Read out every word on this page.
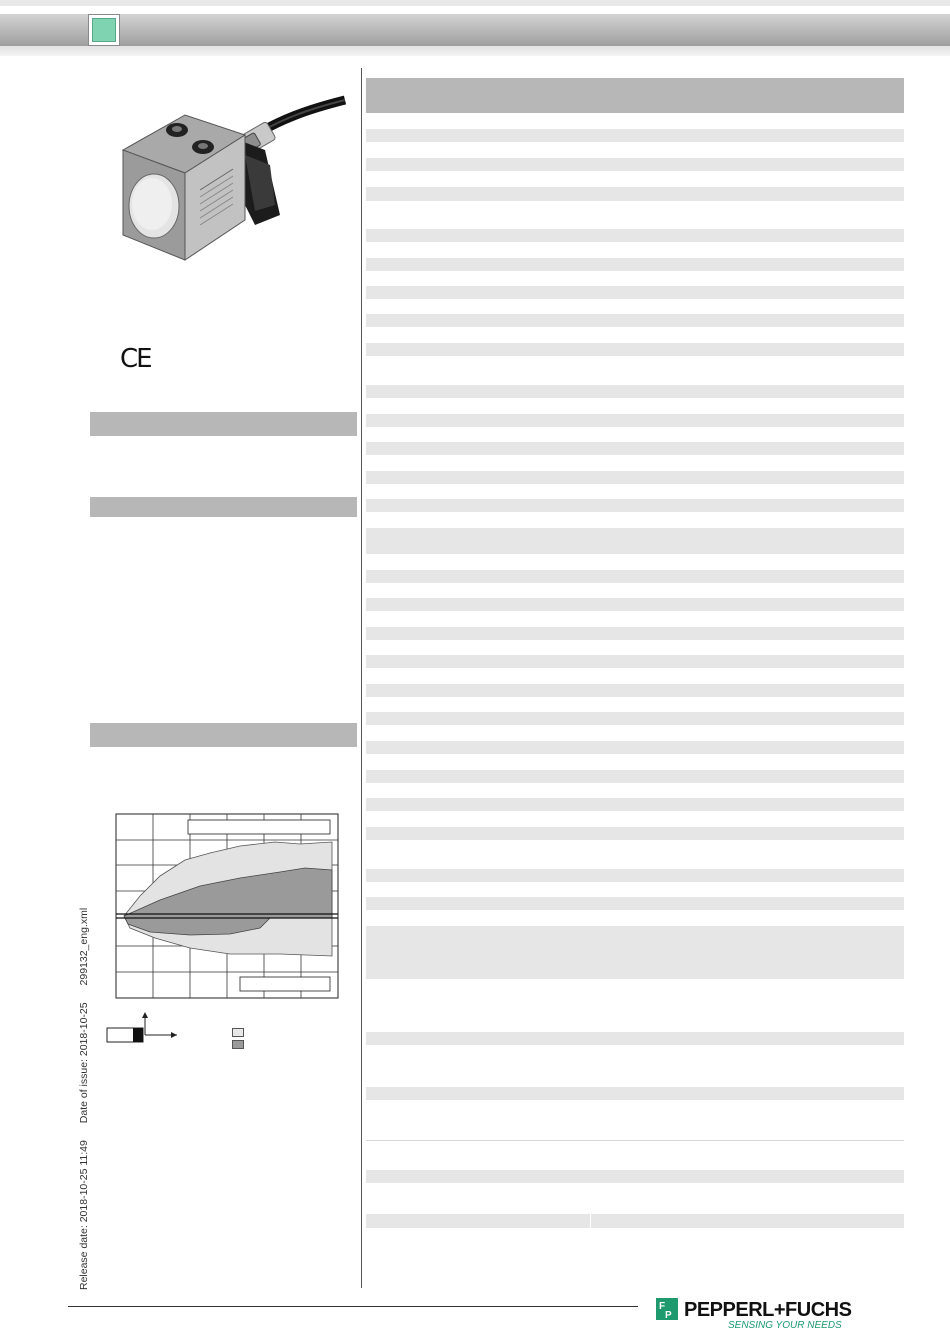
CE
Release date: 2018-10-25 11:49 Date of issue: 2018-10-25 299132_eng.xml
F
P PEPPERL+FUCHS
SENSING YOUR NEEDS
